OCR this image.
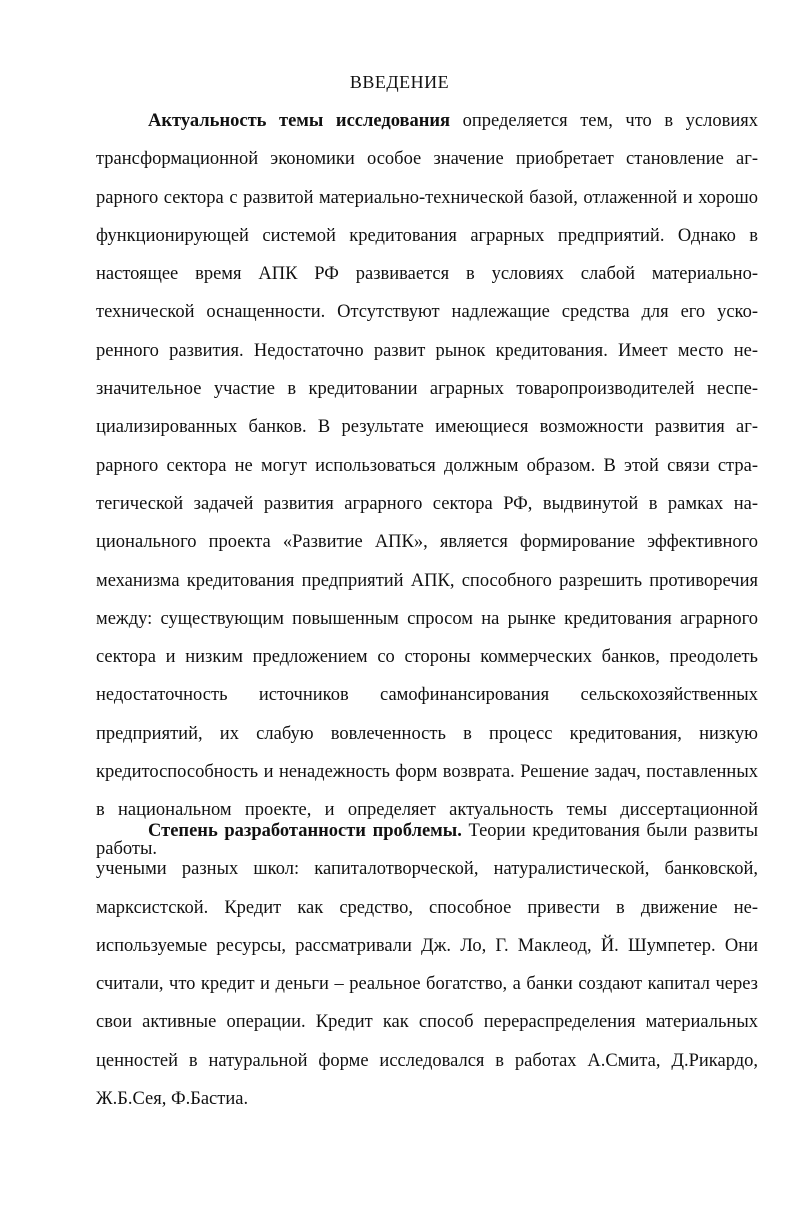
ВВЕДЕНИЕ

Актуальность темы исследования определяется тем, что в условиях трансформационной экономики особое значение приобретает становление аграрного сектора с развитой материально-технической базой, отлаженной и хорошо функционирующей системой кредитования аграрных предприятий. Однако в настоящее время АПК РФ развивается в условиях слабой материально-технической оснащенности. Отсутствуют надлежащие средства для его ускоренного развития. Недостаточно развит рынок кредитования. Имеет место незначительное участие в кредитовании аграрных товаропроизводителей неспециализированных банков. В результате имеющиеся возможности развития аграрного сектора не могут использоваться должным образом. В этой связи стратегической задачей развития аграрного сектора РФ, выдвинутой в рамках национального проекта «Развитие АПК», является формирование эффективного механизма кредитования предприятий АПК, способного разрешить противоречия между: существующим повышенным спросом на рынке кредитования аграрного сектора и низким предложением со стороны коммерческих банков, преодолеть недостаточность источников самофинансирования сельскохозяйственных предприятий, их слабую вовлеченность в процесс кредитования, низкую кредитоспособность и ненадежность форм возврата. Решение задач, поставленных в национальном проекте, и определяет актуальность темы диссертационной работы.

Степень разработанности проблемы. Теории кредитования были развиты учеными разных школ: капиталотворческой, натуралистической, банковской, марксистской. Кредит как средство, способное привести в движение неиспользуемые ресурсы, рассматривали Дж. Ло, Г. Маклеод, Й. Шумпетер. Они считали, что кредит и деньги – реальное богатство, а банки создают капитал через свои активные операции. Кредит как способ перераспределения материальных ценностей в натуральной форме исследовался в работах А.Смита, Д.Рикардо, Ж.Б.Сея, Ф.Бастиа.
